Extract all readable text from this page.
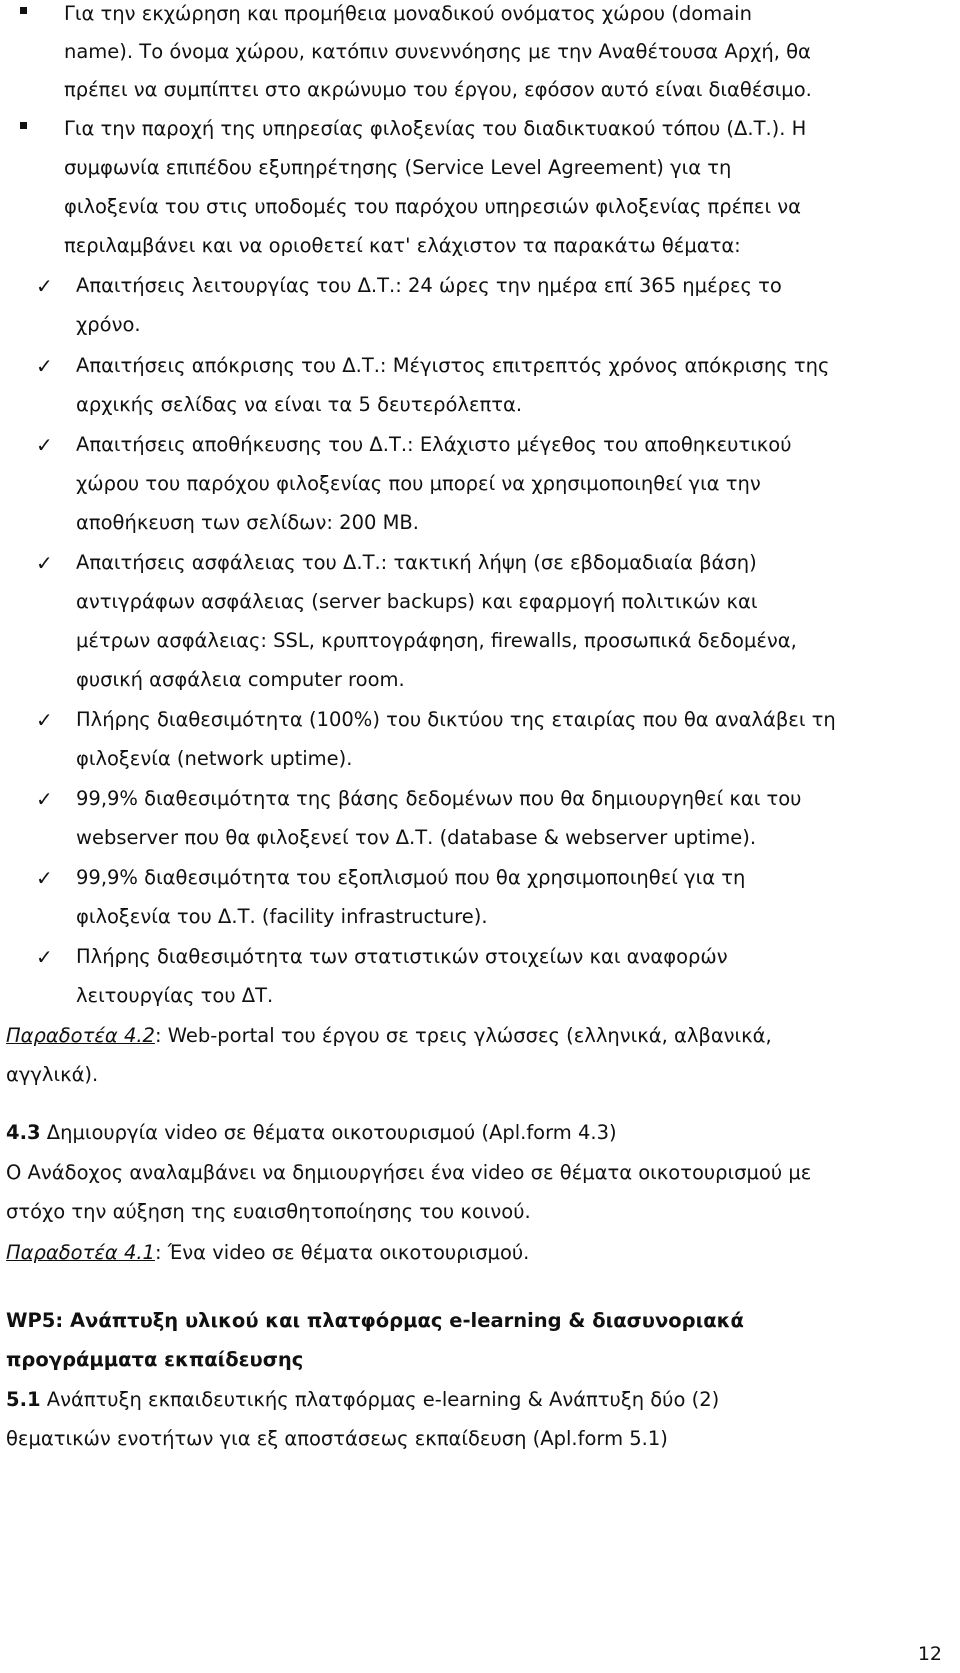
Για την εκχώρηση και προμήθεια μοναδικού ονόματος χώρου (domain
name). Το όνομα χώρου, κατόπιν συνεννόησης με την Αναθέτουσα Αρχή, θα
πρέπει να συμπίπτει στο ακρώνυμο του έργου, εφόσον αυτό είναι διαθέσιμο.
Για την παροχή της υπηρεσίας φιλοξενίας του διαδικτυακού τόπου (Δ.Τ.). Η
συμφωνία επιπέδου εξυπηρέτησης (Service Level Agreement) για τη
φιλοξενία του στις υποδομές του παρόχου υπηρεσιών φιλοξενίας πρέπει να
περιλαμβάνει και να οριοθετεί κατ' ελάχιστον τα παρακάτω θέματα:
✓ Απαιτήσεις λειτουργίας του Δ.Τ.: 24 ώρες την ημέρα επί 365 ημέρες το
χρόνο.
✓ Απαιτήσεις απόκρισης του Δ.Τ.: Μέγιστος επιτρεπτός χρόνος απόκρισης της
αρχικής σελίδας να είναι τα 5 δευτερόλεπτα.
✓ Απαιτήσεις αποθήκευσης του Δ.Τ.: Ελάχιστο μέγεθος του αποθηκευτικού
χώρου του παρόχου φιλοξενίας που μπορεί να χρησιμοποιηθεί για την
αποθήκευση των σελίδων: 200 MB.
✓ Απαιτήσεις ασφάλειας του Δ.Τ.: τακτική λήψη (σε εβδομαδιαία βάση)
αντιγράφων ασφάλειας (server backups) και εφαρμογή πολιτικών και
μέτρων ασφάλειας: SSL, κρυπτογράφηση, firewalls, προσωπικά δεδομένα,
φυσική ασφάλεια computer room.
✓ Πλήρης διαθεσιμότητα (100%) του δικτύου της εταιρίας που θα αναλάβει τη
φιλοξενία (network uptime).
✓ 99,9% διαθεσιμότητα της βάσης δεδομένων που θα δημιουργηθεί και του
webserver που θα φιλοξενεί τον Δ.Τ. (database & webserver uptime).
✓ 99,9% διαθεσιμότητα του εξοπλισμού που θα χρησιμοποιηθεί για τη
φιλοξενία του Δ.Τ. (facility infrastructure).
✓ Πλήρης διαθεσιμότητα των στατιστικών στοιχείων και αναφορών
λειτουργίας του ΔΤ.
Παραδοτέα 4.2: Web-portal του έργου σε τρεις γλώσσες (ελληνικά, αλβανικά,
αγγλικά).
4.3 Δημιουργία video σε θέματα οικοτουρισμού (Apl.form 4.3)
Ο Ανάδοχος αναλαμβάνει να δημιουργήσει ένα video σε θέματα οικοτουρισμού με
στόχο την αύξηση της ευαισθητοποίησης του κοινού.
Παραδοτέα 4.1: Ένα video σε θέματα οικοτουρισμού.
WP5: Ανάπτυξη υλικού και πλατφόρμας e-learning & διασυνοριακά
προγράμματα εκπαίδευσης
5.1 Ανάπτυξη εκπαιδευτικής πλατφόρμας e-learning & Ανάπτυξη δύο (2)
θεματικών ενοτήτων για εξ αποστάσεως εκπαίδευση (Apl.form 5.1)
12
